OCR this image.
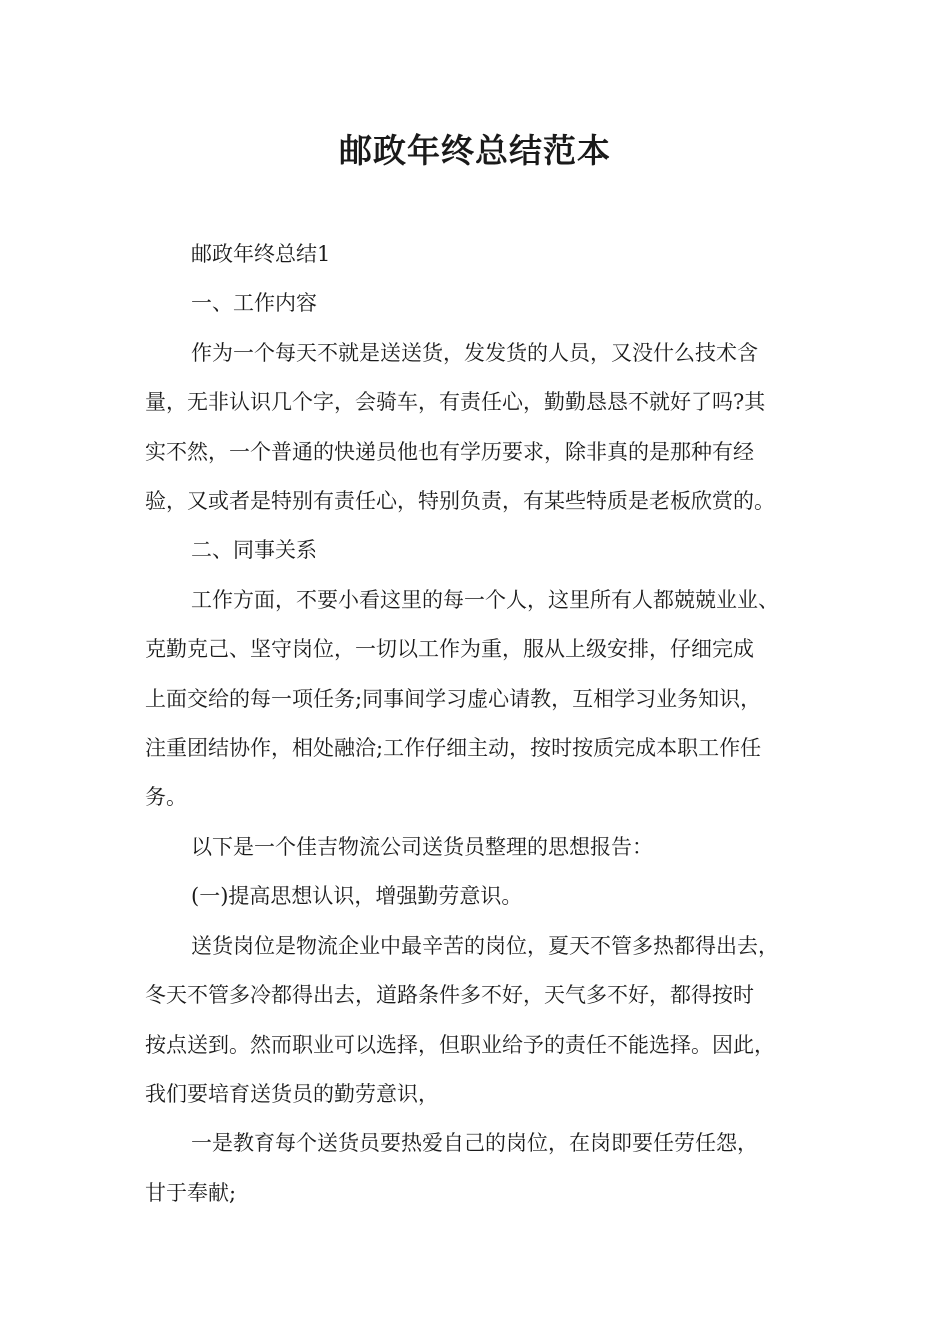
邮政年终总结范本
邮政年终总结1
一、工作内容
作为一个每天不就是送送货，发发货的人员，又没什么技术含
量，无非认识几个字，会骑车，有责任心，勤勤恳恳不就好了吗?其
实不然，一个普通的快递员他也有学历要求，除非真的是那种有经
验，又或者是特别有责任心，特别负责，有某些特质是老板欣赏的。
二、同事关系
工作方面，不要小看这里的每一个人，这里所有人都兢兢业业、
克勤克己、坚守岗位，一切以工作为重，服从上级安排，仔细完成
上面交给的每一项任务;同事间学习虚心请教，互相学习业务知识，
注重团结协作，相处融洽;工作仔细主动，按时按质完成本职工作任
务。
以下是一个佳吉物流公司送货员整理的思想报告：
(一)提高思想认识，增强勤劳意识。
送货岗位是物流企业中最辛苦的岗位，夏天不管多热都得出去，
冬天不管多冷都得出去，道路条件多不好，天气多不好，都得按时
按点送到。然而职业可以选择，但职业给予的责任不能选择。因此，
我们要培育送货员的勤劳意识，
一是教育每个送货员要热爱自己的岗位，在岗即要任劳任怨，
甘于奉献;
